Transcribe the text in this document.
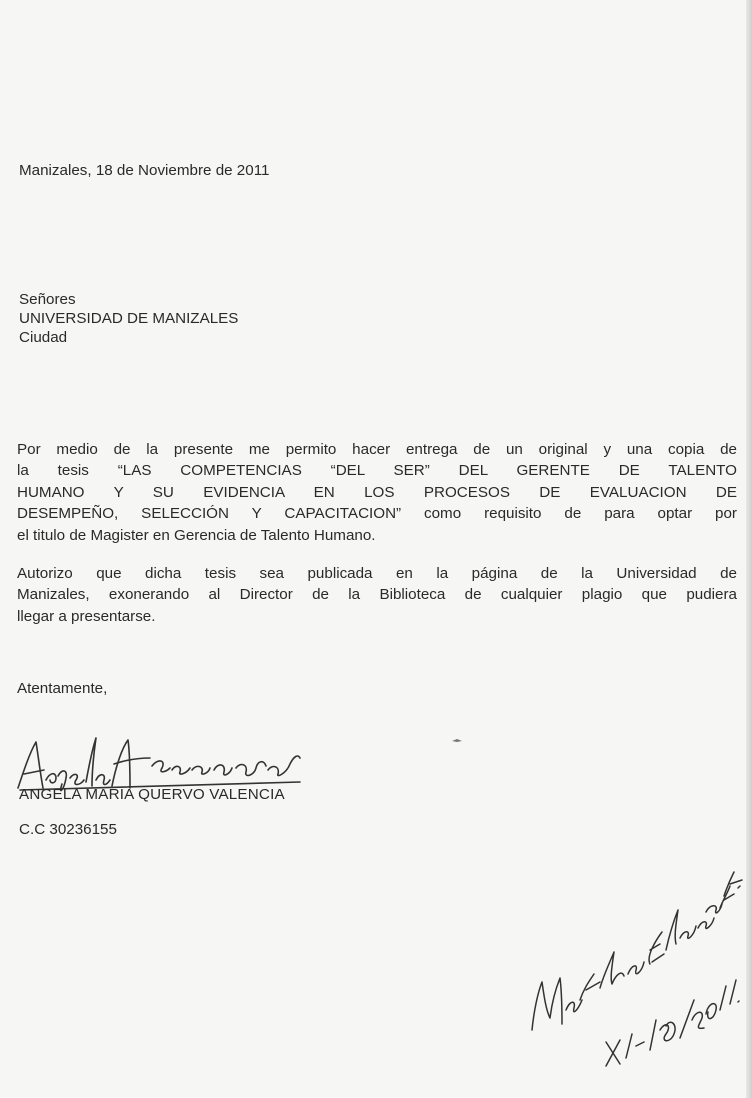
Manizales, 18 de Noviembre de 2011
Señores
UNIVERSIDAD DE MANIZALES
Ciudad
Por medio de la presente me permito hacer entrega de un original y una copia de
la tesis “LAS COMPETENCIAS “DEL SER” DEL GERENTE DE TALENTO
HUMANO Y SU EVIDENCIA EN LOS PROCESOS DE EVALUACION DE
DESEMPEÑO, SELECCIÓN Y CAPACITACION” como requisito de para optar por
el titulo de Magister en Gerencia de Talento Humano.
Autorizo que dicha tesis sea publicada en la página de la Universidad de
Manizales, exonerando al Director de la Biblioteca de cualquier plagio que pudiera
llegar a presentarse.
Atentamente,
ANGELA MARIA QUERVO VALENCIA
C.C 30236155
